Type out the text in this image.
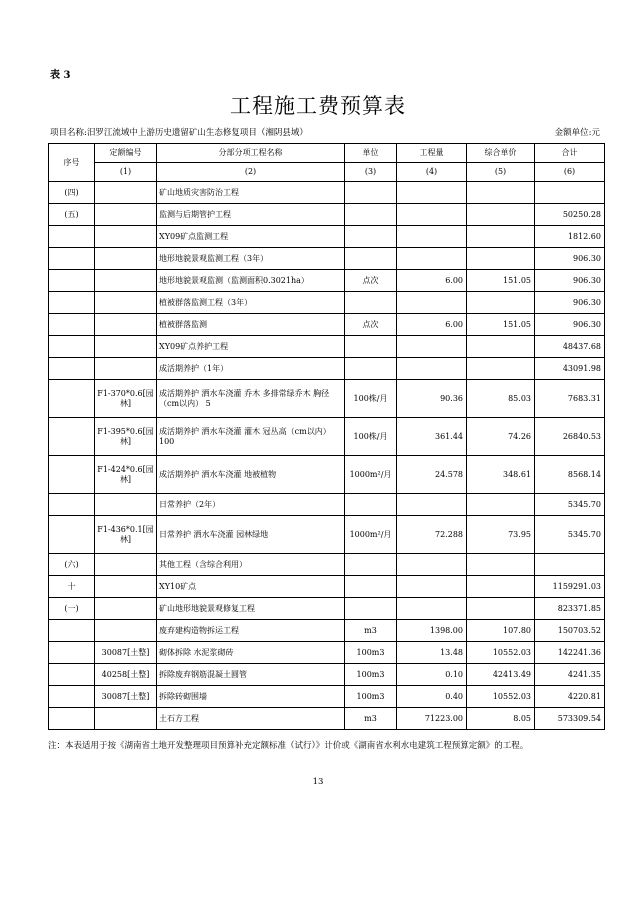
表 3
工程施工费预算表
项目名称:汨罗江流域中上游历史遗留矿山生态修复项目（湘阴县域）	金额单位:元
序号	定额编号	分部分项工程名称	单位	工程量	综合单价	合计
	(1)	(2)	(3)	(4)	(5)	(6)
(四)		矿山地质灾害防治工程				
(五)		监测与后期管护工程				50250.28
		XY09矿点监测工程				1812.60
		地形地貌景观监测工程（3年）				906.30
		地形地貌景观监测（监测面积0.3021ha）	点次	6.00	151.05	906.30
		植被群落监测工程（3年）				906.30
		植被群落监测	点次	6.00	151.05	906.30
		XY09矿点养护工程				48437.68
		成活期养护（1年）				43091.98
	F1-370*0.6[园林]	成活期养护 洒水车浇灌 乔木 多排常绿乔木 胸径（cm以内） 5	100株/月	90.36	85.03	7683.31
	F1-395*0.6[园林]	成活期养护 洒水车浇灌 灌木 冠丛高（cm以内） 100	100株/月	361.44	74.26	26840.53
	F1-424*0.6[园林]	成活期养护 洒水车浇灌 地被植物	1000m²/月	24.578	348.61	8568.14
		日常养护（2年）				5345.70
	F1-436*0.1[园林]	日常养护 洒水车浇灌 园林绿地	1000m²/月	72.288	73.95	5345.70
(六)		其他工程（含综合利用）				
十		XY10矿点				1159291.03
(一)		矿山地形地貌景观修复工程				823371.85
		废弃建构造物拆运工程	m3	1398.00	107.80	150703.52
	30087[土整]	砌体拆除 水泥浆砌砖	100m3	13.48	10552.03	142241.36
	40258[土整]	拆除废弃钢筋混凝土圆管	100m3	0.10	42413.49	4241.35
	30087[土整]	拆除砖砌围墙	100m3	0.40	10552.03	4220.81
		土石方工程	m3	71223.00	8.05	573309.54
注：本表适用于按《湖南省土地开发整理项目预算补充定额标准（试行）》计价或《湖南省水利水电建筑工程预算定额》的工程。
13
